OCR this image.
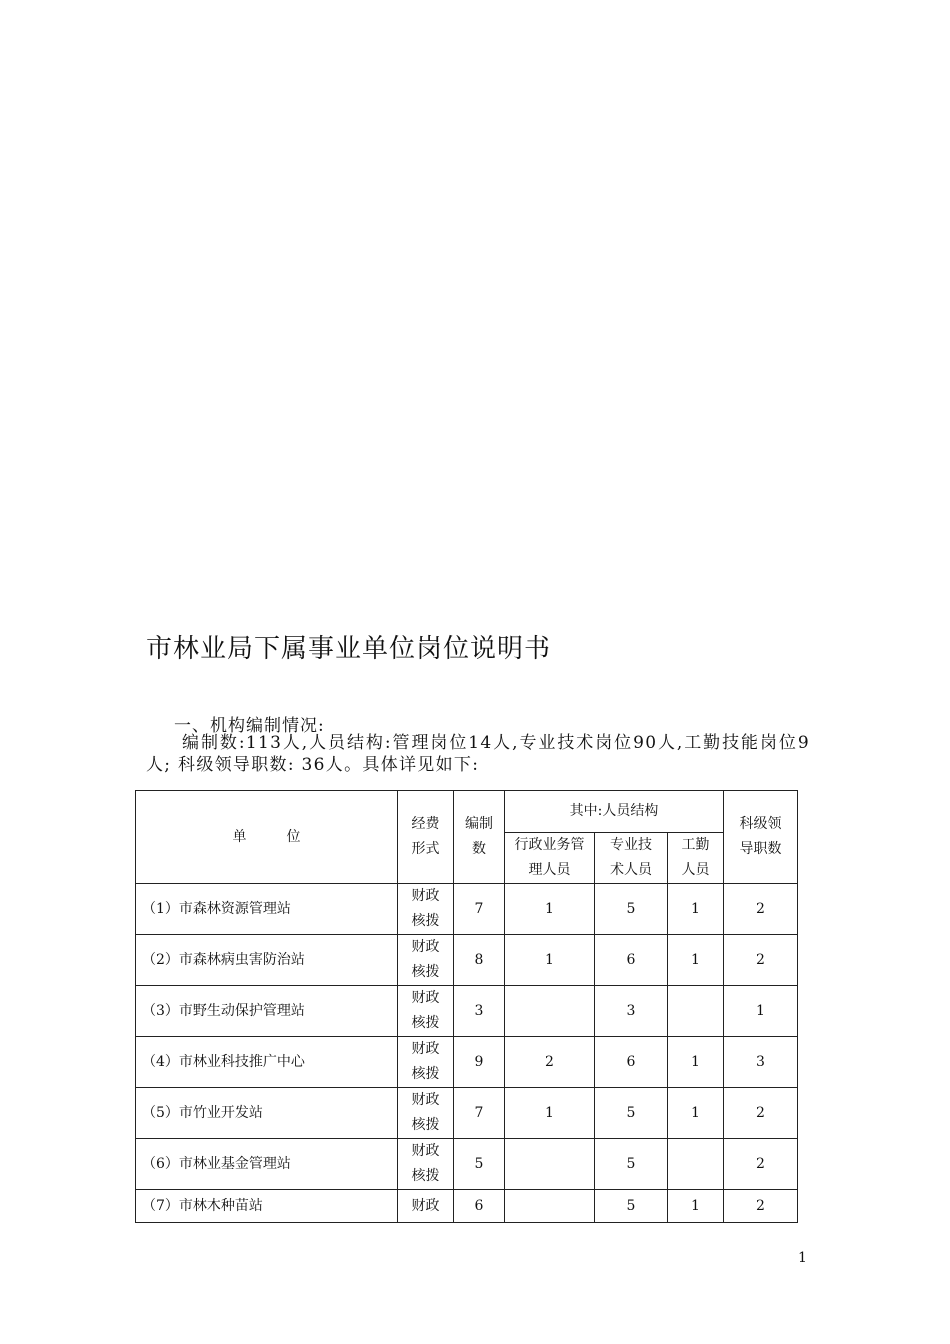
市林业局下属事业单位岗位说明书
一、机构编制情况:
编制数:113人,人员结构:管理岗位14人,专业技术岗位90人,工勤技能岗位9人; 科级领导职数: 36人。具体详见如下:
单位	经费形式	编制数	其中:人员结构			科级领导职数
			行政业务管理人员	专业技术人员	工勤人员	
（1）市森林资源管理站	财政核拨	7	1	5	1	2
（2）市森林病虫害防治站	财政核拨	8	1	6	1	2
（3）市野生动保护管理站	财政核拨	3		3		1
（4）市林业科技推广中心	财政核拨	9	2	6	1	3
（5）市竹业开发站	财政核拨	7	1	5	1	2
（6）市林业基金管理站	财政核拨	5		5		2
（7）市林木种苗站	财政	6		5	1	2
1
